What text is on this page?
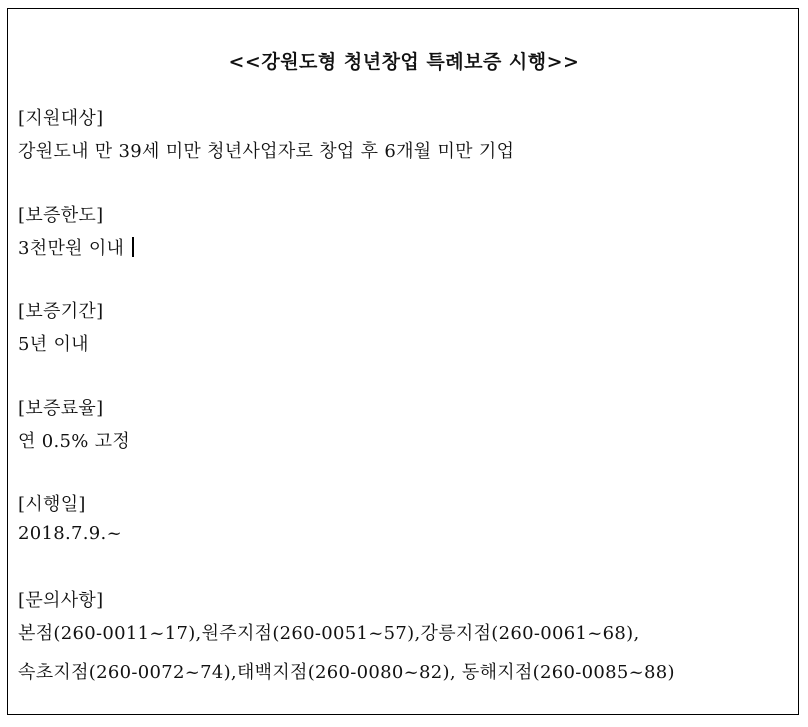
<<강원도형 청년창업 특례보증 시행>>
[지원대상]
강원도내 만 39세 미만 청년사업자로 창업 후 6개월 미만 기업
[보증한도]
3천만원 이내
[보증기간]
5년 이내
[보증료율]
연 0.5% 고정
[시행일]
2018.7.9.~
[문의사항]
본점(260-0011~17),원주지점(260-0051~57),강릉지점(260-0061~68),
속초지점(260-0072~74),태백지점(260-0080~82), 동해지점(260-0085~88)
